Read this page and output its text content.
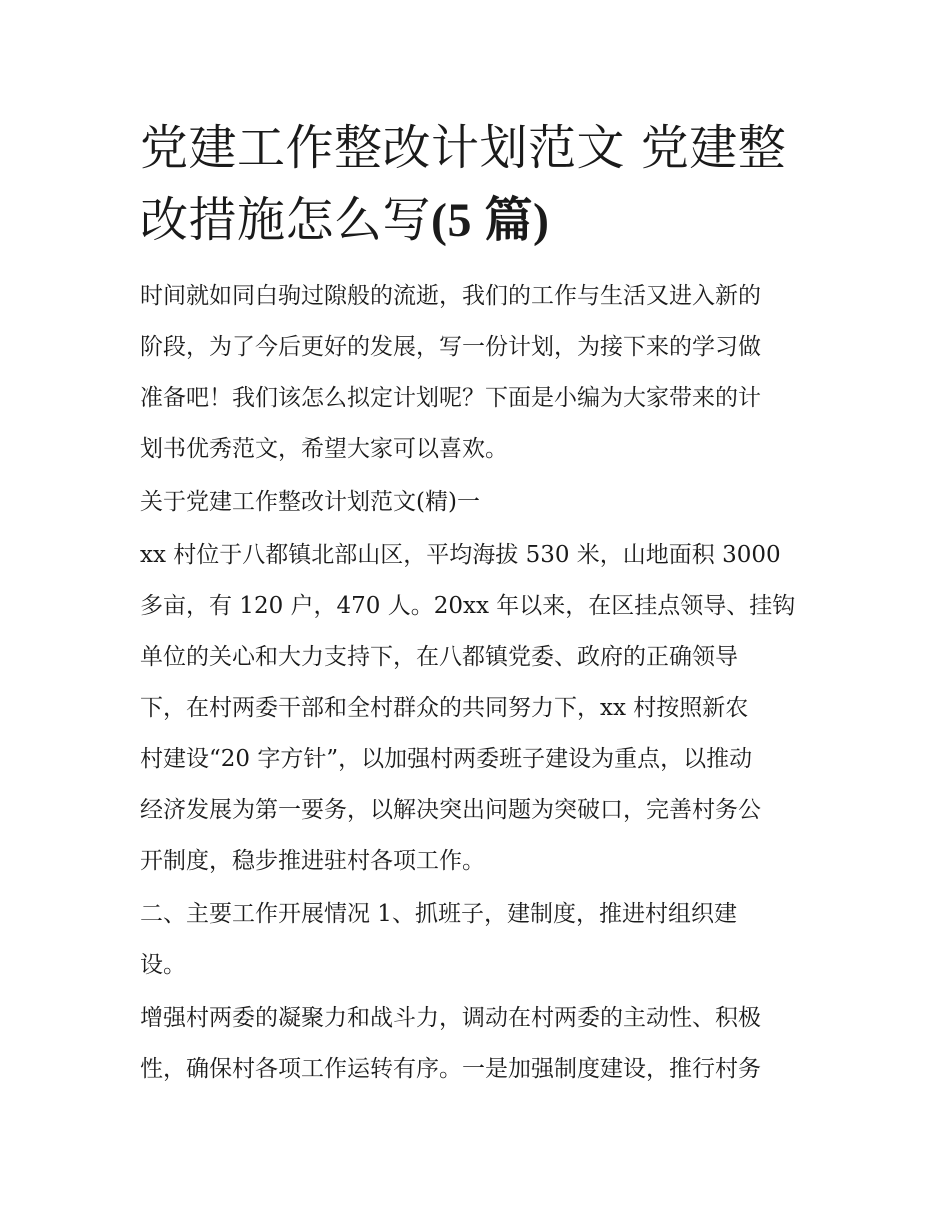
党建工作整改计划范文 党建整
改措施怎么写(5 篇)

时间就如同白驹过隙般的流逝，我们的工作与生活又进入新的
阶段，为了今后更好的发展，写一份计划，为接下来的学习做
准备吧！我们该怎么拟定计划呢？下面是小编为大家带来的计
划书优秀范文，希望大家可以喜欢。

关于党建工作整改计划范文(精)一

xx 村位于八都镇北部山区，平均海拔 530 米，山地面积 3000
多亩，有 120 户，470 人。20xx 年以来，在区挂点领导、挂钩
单位的关心和大力支持下，在八都镇党委、政府的正确领导
下，在村两委干部和全村群众的共同努力下，xx 村按照新农
村建设“20 字方针”，以加强村两委班子建设为重点，以推动
经济发展为第一要务，以解决突出问题为突破口，完善村务公
开制度，稳步推进驻村各项工作。

二、主要工作开展情况 1、抓班子，建制度，推进村组织建
设。

增强村两委的凝聚力和战斗力，调动在村两委的主动性、积极
性，确保村各项工作运转有序。一是加强制度建设，推行村务
